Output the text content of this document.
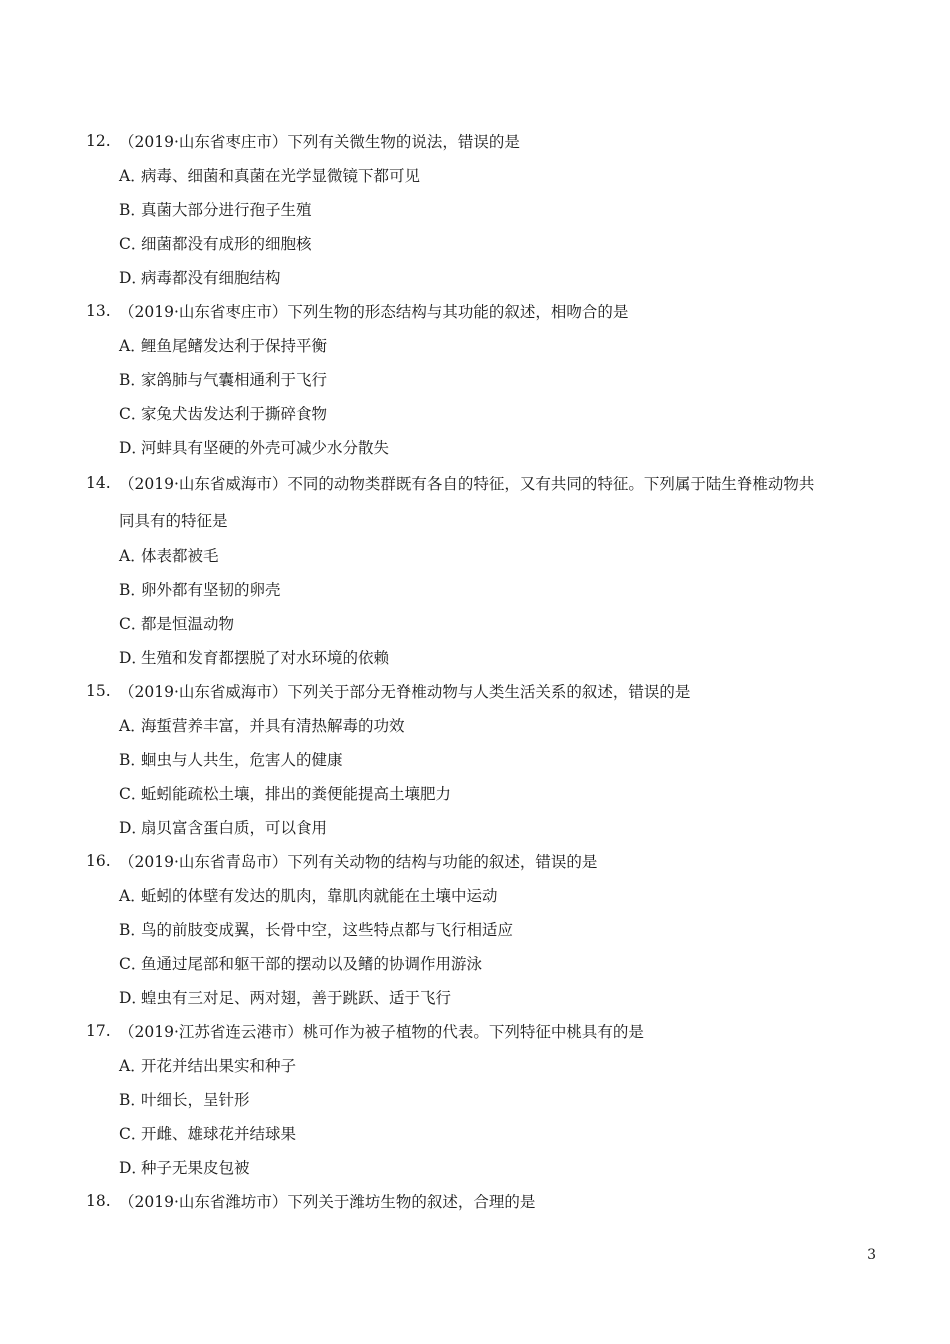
12. （2019·山东省枣庄市） 下列有关微生物的说法，错误的是
A．
病毒、细菌和真菌在光学显微镜下都可见
B．
真菌大部分进行孢子生殖
C．
细菌都没有成形的细胞核
D．
病毒都没有细胞结构
13. （2019·山东省枣庄市） 下列生物的形态结构与其功能的叙述，相吻合的是
A．
鲤鱼尾鳍发达利于保持平衡
B．
家鸽肺与气囊相通利于飞行
C．
家兔犬齿发达利于撕碎食物
D．
河蚌具有坚硬的外壳可减少水分散失
14. （2019·山东省威海市） 不同的动物类群既有各自的特征，又有共同的特征。下列属于陆生脊椎动物共
同具有的特征是
A．
体表都被毛
B．
卵外都有坚韧的卵壳
C．
都是恒温动物
D．
生殖和发育都摆脱了对水环境的依赖
15. （2019·山东省威海市） 下列关于部分无脊椎动物与人类生活关系的叙述，错误的是
A．
海蜇营养丰富，并具有清热解毒的功效
B．
蛔虫与人共生，危害人的健康
C．
蚯蚓能疏松土壤，排出的粪便能提高土壤肥力
D．
扇贝富含蛋白质，可以食用
16. （2019·山东省青岛市） 下列有关动物的结构与功能的叙述，错误的是
A．
蚯蚓的体壁有发达的肌肉，靠肌肉就能在土壤中运动
B．
鸟的前肢变成翼，长骨中空，这些特点都与飞行相适应
C．
鱼通过尾部和躯干部的摆动以及鳍的协调作用游泳
D．
蝗虫有三对足、两对翅，善于跳跃、适于飞行
17. （2019·江苏省连云港市） 桃可作为被子植物的代表。下列特征中桃具有的是
A．
开花并结出果实和种子
B．
叶细长，呈针形
C．
开雌、雄球花并结球果
D．
种子无果皮包被
18. （2019·山东省潍坊市） 下列关于潍坊生物的叙述，合理的是
3
